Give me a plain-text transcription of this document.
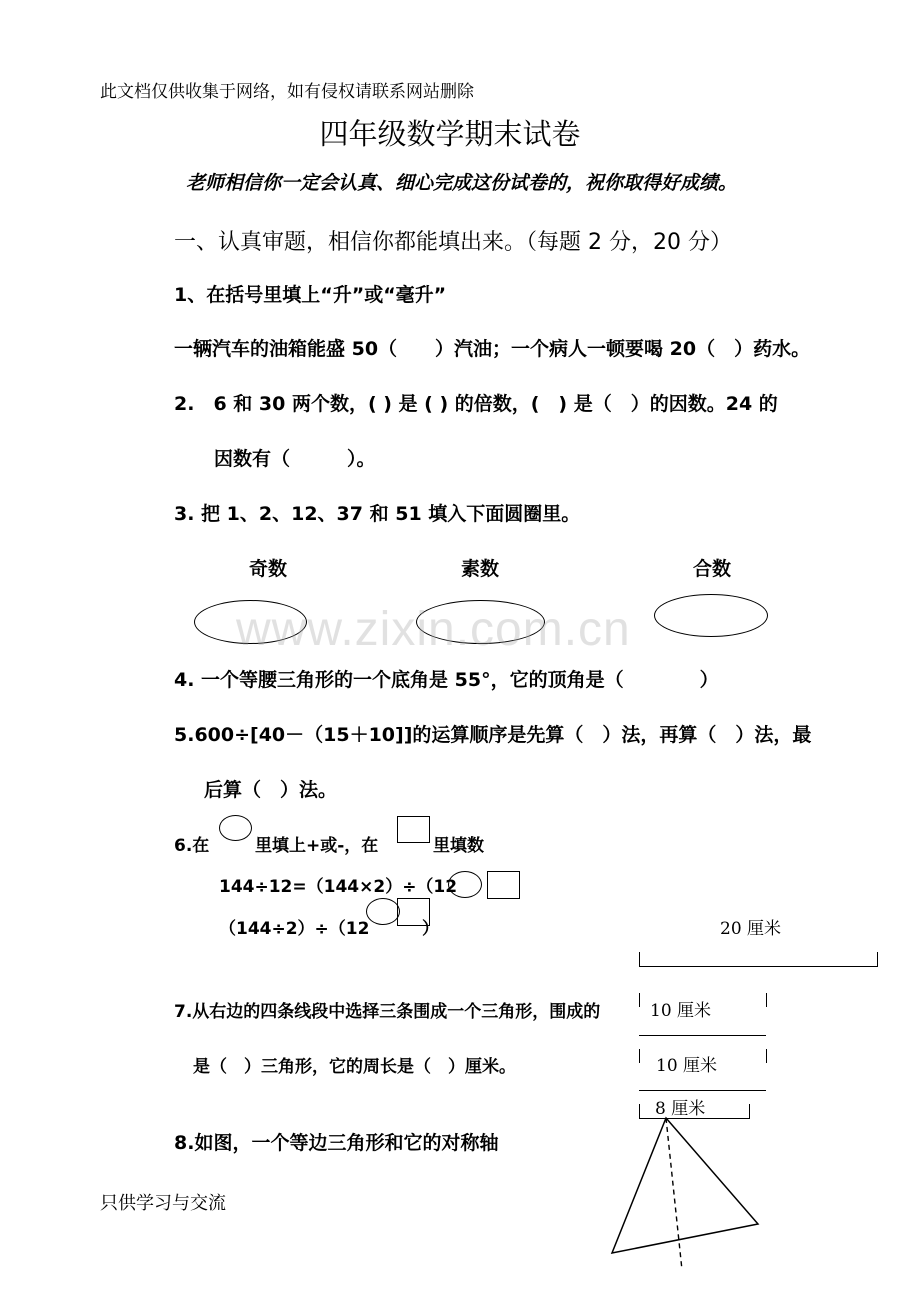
此文档仅供收集于网络，如有侵权请联系网站删除
四年级数学期末试卷
老师相信你一定会认真、细心完成这份试卷的，祝你取得好成绩。
一、认真审题，相信你都能填出来。（每题 2 分，20 分）
1、在括号里填上“升”或“毫升”
一辆汽车的油箱能盛 50（　　）汽油；一个病人一顿要喝 20（　）药水。
2.　6 和 30 两个数，( ) 是 ( ) 的倍数，(　) 是（　）的因数。24 的
因数有（　　　）。
3. 把 1、2、12、37 和 51 填入下面圆圈里。
奇数	素数	合数
www.zixin.com.cn
4. 一个等腰三角形的一个底角是 55°，它的顶角是（　　　　）
5.600÷[40－（15＋10]]的运算顺序是先算（　）法，再算（　）法，最
后算（　）法。
6.在	里填上+或-，在	里填数
144÷12=（144×2）÷（12
（144÷2）÷（12	）	20 厘米
10 厘米
10 厘米
8 厘米
7.从右边的四条线段中选择三条围成一个三角形，围成的
是（　）三角形，它的周长是（　）厘米。
8.如图，一个等边三角形和它的对称轴
只供学习与交流
